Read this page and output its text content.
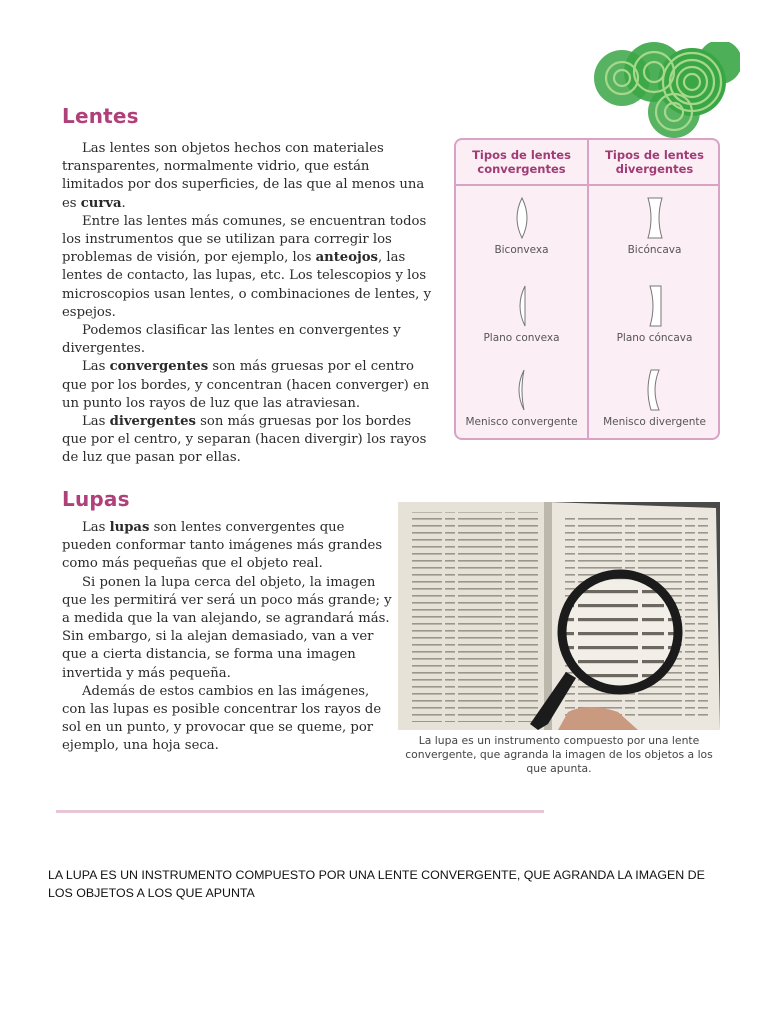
Lentes

Las lentes son objetos hechos con materiales transparentes, normalmente vidrio, que están limitados por dos superficies, de las que al menos una es curva.

Entre las lentes más comunes, se encuentran todos los instrumentos que se utilizan para corregir los problemas de visión, por ejemplo, los anteojos, las lentes de contacto, las lupas, etc. Los telescopios y los microscopios usan lentes, o combinaciones de lentes, y espejos.

Podemos clasificar las lentes en convergentes y divergentes.

Las convergentes son más gruesas por el centro que por los bordes, y concentran (hacen converger) en un punto los rayos de luz que las atraviesan.

Las divergentes son más gruesas por los bordes que por el centro, y separan (hacen divergir) los rayos de luz que pasan por ellas.

Tipos de lentes convergentes
Tipos de lentes divergentes
Biconvexa
Plano convexa
Menisco convergente
Bicóncava
Plano cóncava
Menisco divergente
Lupas

Las lupas son lentes convergentes que pueden conformar tanto imágenes más grandes como más pequeñas que el objeto real.

Si ponen la lupa cerca del objeto, la imagen que les permitirá ver será un poco más grande; y a medida que la van alejando, se agrandará más. Sin embargo, si la alejan demasiado, van a ver que a cierta distancia, se forma una imagen invertida y más pequeña.

Además de estos cambios en las imágenes, con las lupas es posible concentrar los rayos de sol en un punto, y provocar que se queme, por ejemplo, una hoja seca.	La lupa es un instrumento compuesto por una lente convergente, que agranda la imagen de los objetos a los que apunta.
LA LUPA ES UN INSTRUMENTO COMPUESTO POR UNA LENTE CONVERGENTE, QUE AGRANDA LA IMAGEN DE LOS OBJETOS A LOS QUE APUNTA
